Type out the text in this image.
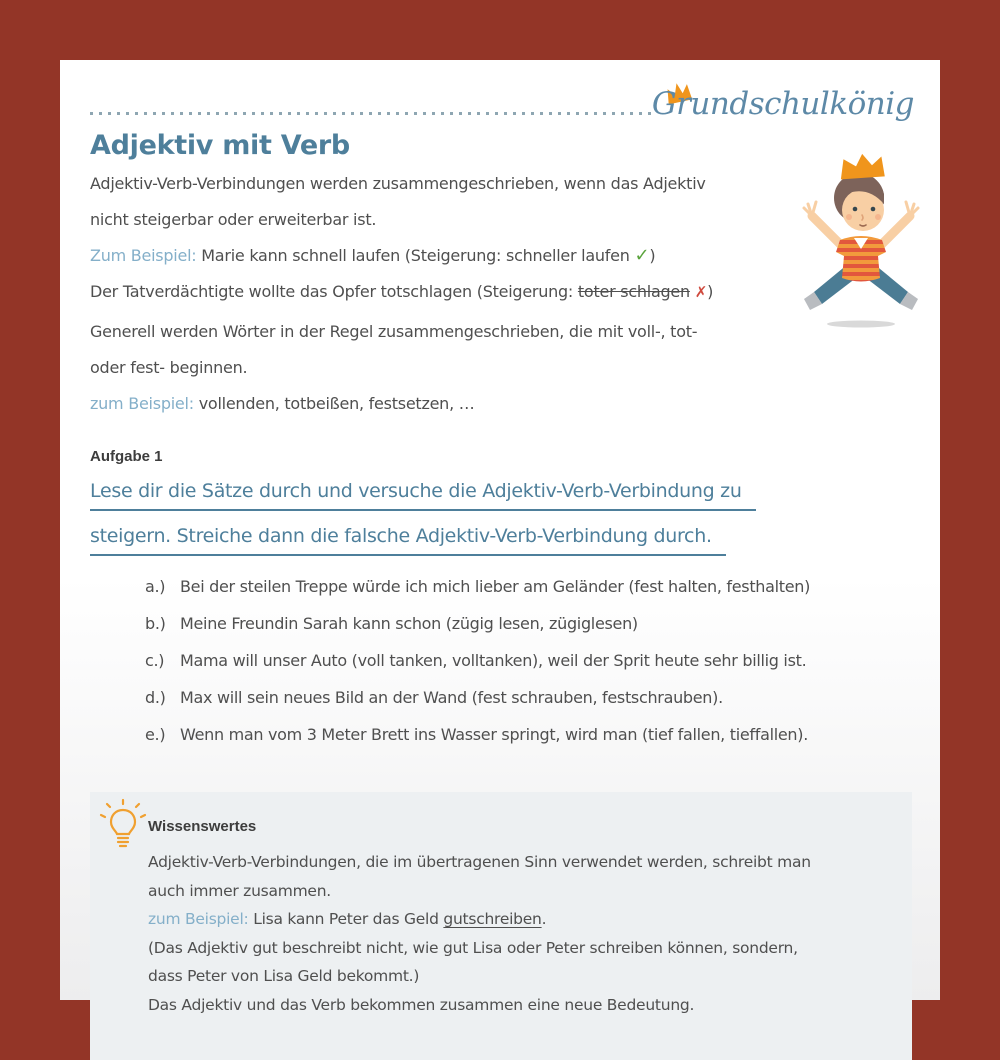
Grundschulkönig
Adjektiv mit Verb
Adjektiv-Verb-Verbindungen werden zusammengeschrieben, wenn das Adjektiv
nicht steigerbar oder erweiterbar ist.
Zum Beispiel: Marie kann schnell laufen (Steigerung: schneller laufen ✓)
Der Tatverdächtigte wollte das Opfer totschlagen (Steigerung: toter schlagen ✗)
Generell werden Wörter in der Regel zusammengeschrieben, die mit voll-, tot-
oder fest- beginnen.
zum Beispiel: vollenden, totbeißen, festsetzen, …
Aufgabe 1
Lese dir die Sätze durch und versuche die Adjektiv-Verb-Verbindung zu
steigern. Streiche dann die falsche Adjektiv-Verb-Verbindung durch.
a.) Bei der steilen Treppe würde ich mich lieber am Geländer (fest halten, festhalten)
b.) Meine Freundin Sarah kann schon (zügig lesen, zügiglesen)
c.) Mama will unser Auto (voll tanken, volltanken), weil der Sprit heute sehr billig ist.
d.) Max will sein neues Bild an der Wand (fest schrauben, festschrauben).
e.) Wenn man vom 3 Meter Brett ins Wasser springt, wird man (tief fallen, tieffallen).
Wissenswertes
Adjektiv-Verb-Verbindungen, die im übertragenen Sinn verwendet werden, schreibt man
auch immer zusammen.
zum Beispiel: Lisa kann Peter das Geld gutschreiben.
(Das Adjektiv gut beschreibt nicht, wie gut Lisa oder Peter schreiben können, sondern,
dass Peter von Lisa Geld bekommt.)
Das Adjektiv und das Verb bekommen zusammen eine neue Bedeutung.
